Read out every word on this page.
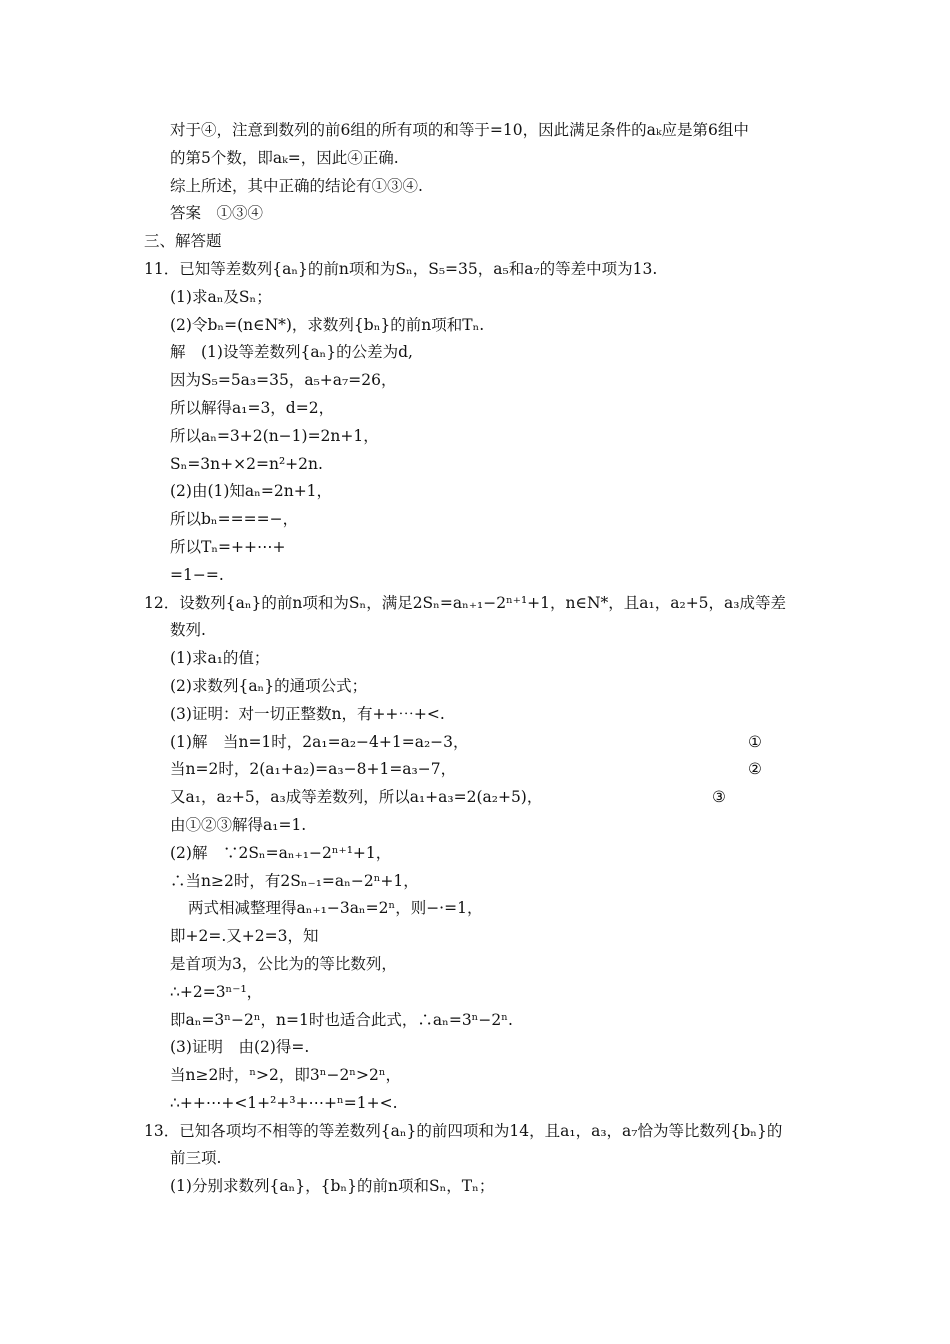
对于④，注意到数列的前6组的所有项的和等于=10，因此满足条件的aₖ应是第6组中
的第5个数，即aₖ=，因此④正确.
综上所述，其中正确的结论有①③④.
答案　①③④
三、解答题
11．已知等差数列{aₙ}的前n项和为Sₙ，S₅=35，a₅和a₇的等差中项为13.
(1)求aₙ及Sₙ；
(2)令bₙ=(n∈N*)，求数列{bₙ}的前n项和Tₙ.
解　(1)设等差数列{aₙ}的公差为d,
因为S₅=5a₃=35，a₅+a₇=26，
所以解得a₁=3，d=2，
所以aₙ=3+2(n−1)=2n+1，
Sₙ=3n+×2=n²+2n.
(2)由(1)知aₙ=2n+1，
所以bₙ====−，
所以Tₙ=++⋯+
=1−=.
12．设数列{aₙ}的前n项和为Sₙ，满足2Sₙ=aₙ₊₁−2ⁿ⁺¹+1，n∈N*，且a₁，a₂+5，a₃成等差
数列.
(1)求a₁的值；
(2)求数列{aₙ}的通项公式；
(3)证明：对一切正整数n，有++⋯+<.
(1)解　当n=1时，2a₁=a₂−4+1=a₂−3，	①
当n=2时，2(a₁+a₂)=a₃−8+1=a₃−7，	②
又a₁，a₂+5，a₃成等差数列，所以a₁+a₃=2(a₂+5)，	③
由①②③解得a₁=1.
(2)解　∵2Sₙ=aₙ₊₁−2ⁿ⁺¹+1，
∴当n≥2时，有2Sₙ₋₁=aₙ−2ⁿ+1，
两式相减整理得aₙ₊₁−3aₙ=2ⁿ，则−·=1，
即+2=.又+2=3，知
是首项为3，公比为的等比数列，
∴+2=3ⁿ⁻¹，
即aₙ=3ⁿ−2ⁿ，n=1时也适合此式，∴aₙ=3ⁿ−2ⁿ.
(3)证明　由(2)得=.
当n≥2时，ⁿ>2，即3ⁿ−2ⁿ>2ⁿ，
∴++⋯+<1+²+³+⋯+ⁿ=1+<.
13．已知各项均不相等的等差数列{aₙ}的前四项和为14，且a₁，a₃，a₇恰为等比数列{bₙ}的
前三项.
(1)分别求数列{aₙ}，{bₙ}的前n项和Sₙ，Tₙ；
